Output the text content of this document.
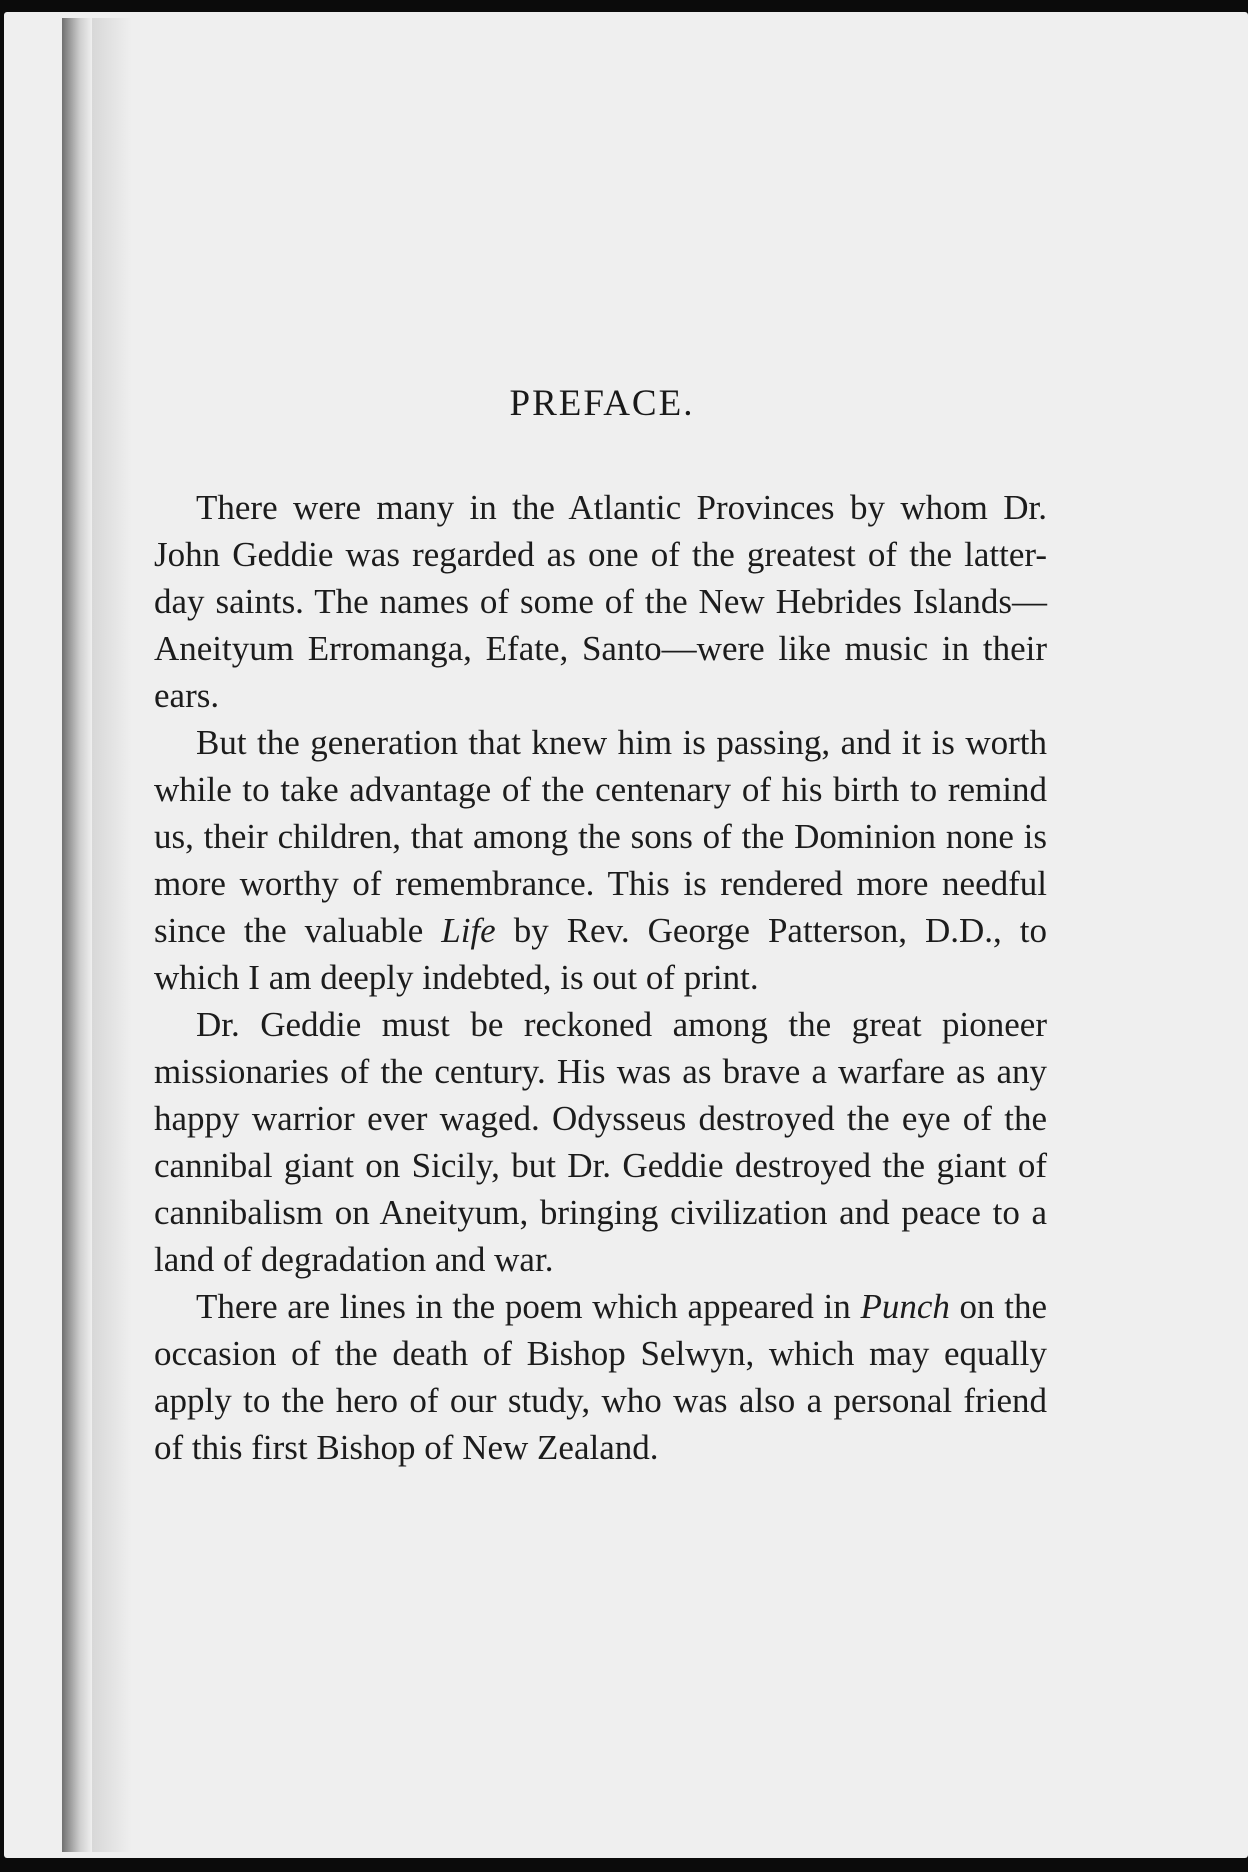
PREFACE.

There were many in the Atlantic Provinces by whom Dr. John Geddie was regarded as one of the greatest of the latter-day saints. The names of some of the New Hebrides Islands—Aneityum Erromanga, Efate, Santo—were like music in their ears.

But the generation that knew him is passing, and it is worth while to take advantage of the centenary of his birth to remind us, their children, that among the sons of the Dominion none is more worthy of remembrance. This is rendered more needful since the valuable Life by Rev. George Patterson, D.D., to which I am deeply indebted, is out of print.

Dr. Geddie must be reckoned among the great pioneer missionaries of the century. His was as brave a warfare as any happy warrior ever waged. Odysseus destroyed the eye of the cannibal giant on Sicily, but Dr. Geddie destroyed the giant of cannibalism on Aneityum, bringing civilization and peace to a land of degradation and war.

There are lines in the poem which appeared in Punch on the occasion of the death of Bishop Selwyn, which may equally apply to the hero of our study, who was also a personal friend of this first Bishop of New Zealand.
